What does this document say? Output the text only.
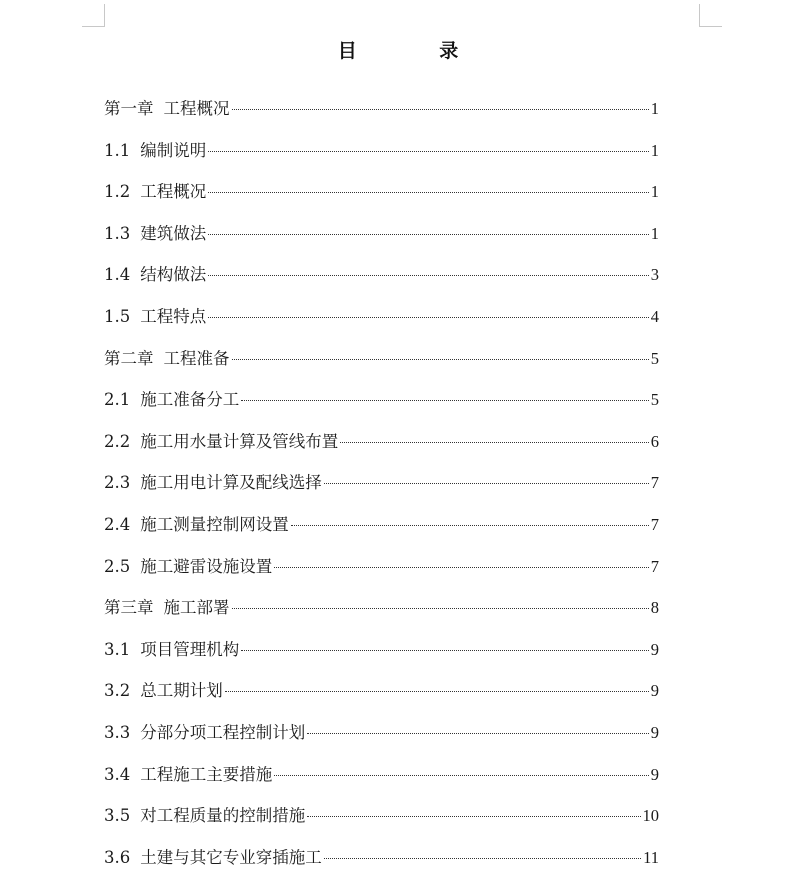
目 录
第一章 工程概况	1
1.1 编制说明	1
1.2 工程概况	1
1.3 建筑做法	1
1.4 结构做法	3
1.5 工程特点	4
第二章 工程准备	5
2.1 施工准备分工	5
2.2 施工用水量计算及管线布置	6
2.3 施工用电计算及配线选择	7
2.4 施工测量控制网设置	7
2.5 施工避雷设施设置	7
第三章 施工部署	8
3.1 项目管理机构	9
3.2 总工期计划	9
3.3 分部分项工程控制计划	9
3.4 工程施工主要措施	9
3.5 对工程质量的控制措施	10
3.6 土建与其它专业穿插施工	11
